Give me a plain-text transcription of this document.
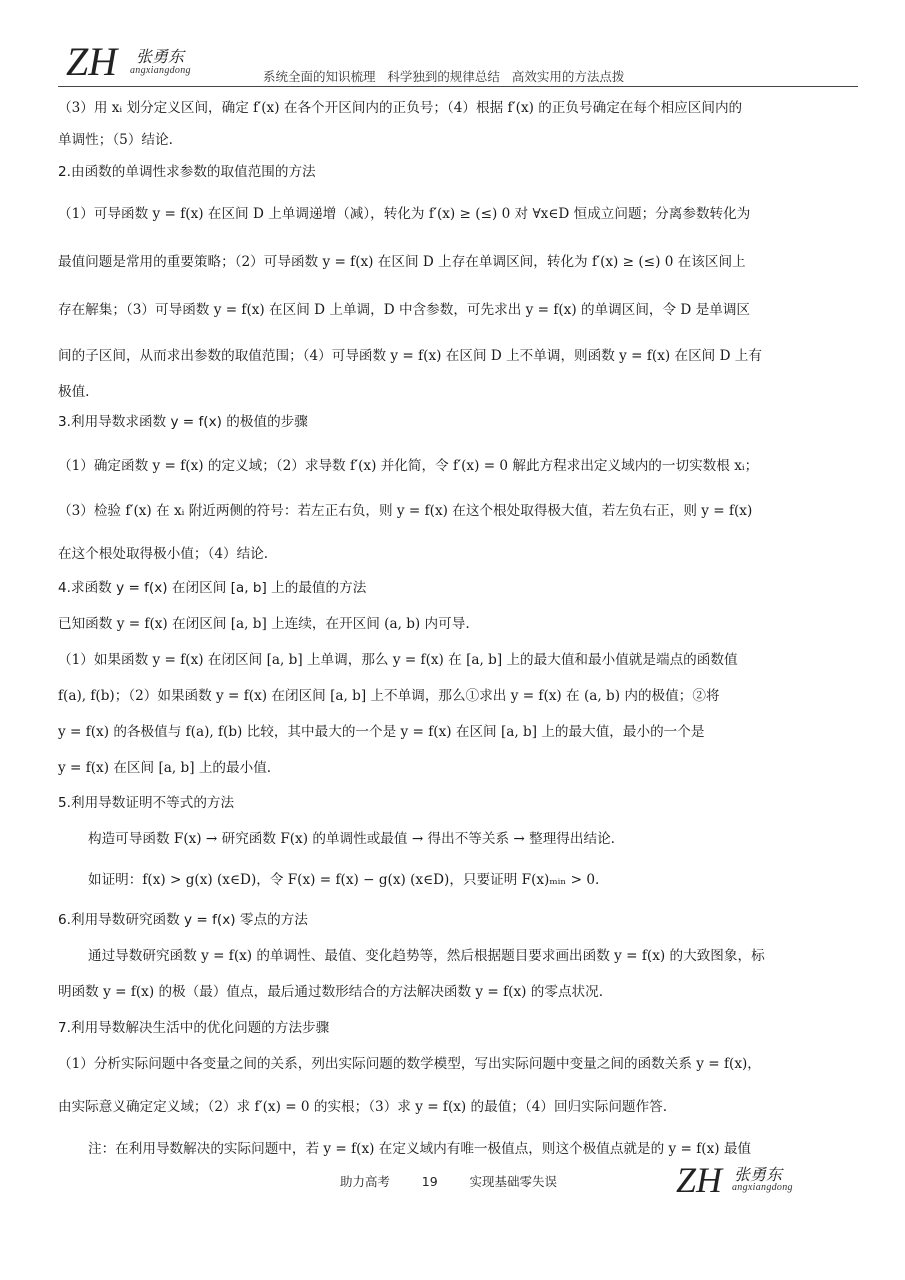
ZH 张勇东
angxiangdong	系统全面的知识梳理   科学独到的规律总结   高效实用的方法点拨
（3）用 xᵢ 划分定义区间，确定 f′(x) 在各个开区间内的正负号；（4）根据 f′(x) 的正负号确定在每个相应区间内的
单调性；（5）结论.
2.由函数的单调性求参数的取值范围的方法
（1）可导函数 y = f(x) 在区间 D 上单调递增（减），转化为 f′(x) ≥ (≤) 0 对 ∀x∈D 恒成立问题；分离参数转化为
最值问题是常用的重要策略；（2）可导函数 y = f(x) 在区间 D 上存在单调区间，转化为 f′(x) ≥ (≤) 0 在该区间上
存在解集；（3）可导函数 y = f(x) 在区间 D 上单调，D 中含参数，可先求出 y = f(x) 的单调区间，令 D 是单调区
间的子区间，从而求出参数的取值范围；（4）可导函数 y = f(x) 在区间 D 上不单调，则函数 y = f(x) 在区间 D 上有
极值.
3.利用导数求函数 y = f(x) 的极值的步骤
（1）确定函数 y = f(x) 的定义域；（2）求导数 f′(x) 并化简，令 f′(x) = 0 解此方程求出定义域内的一切实数根 xᵢ；
（3）检验 f′(x) 在 xᵢ 附近两侧的符号：若左正右负，则 y = f(x) 在这个根处取得极大值，若左负右正，则 y = f(x)
在这个根处取得极小值；（4）结论.
4.求函数 y = f(x) 在闭区间 [a, b] 上的最值的方法
已知函数 y = f(x) 在闭区间 [a, b] 上连续，在开区间 (a, b) 内可导.
（1）如果函数 y = f(x) 在闭区间 [a, b] 上单调，那么 y = f(x) 在 [a, b] 上的最大值和最小值就是端点的函数值
f(a), f(b)；（2）如果函数 y = f(x) 在闭区间 [a, b] 上不单调，那么①求出 y = f(x) 在 (a, b) 内的极值；②将
y = f(x) 的各极值与 f(a), f(b) 比较，其中最大的一个是 y = f(x) 在区间 [a, b] 上的最大值，最小的一个是
y = f(x) 在区间 [a, b] 上的最小值.
5.利用导数证明不等式的方法
构造可导函数 F(x) → 研究函数 F(x) 的单调性或最值 → 得出不等关系 → 整理得出结论.
如证明：f(x) > g(x) (x∈D)，令 F(x) = f(x) − g(x) (x∈D)，只要证明 F(x)ₘᵢₙ > 0.
6.利用导数研究函数 y = f(x) 零点的方法
通过导数研究函数 y = f(x) 的单调性、最值、变化趋势等，然后根据题目要求画出函数 y = f(x) 的大致图象，标
明函数 y = f(x) 的极（最）值点，最后通过数形结合的方法解决函数 y = f(x) 的零点状况.
7.利用导数解决生活中的优化问题的方法步骤
（1）分析实际问题中各变量之间的关系，列出实际问题的数学模型，写出实际问题中变量之间的函数关系 y = f(x)，
由实际意义确定定义域；（2）求 f′(x) = 0 的实根；（3）求 y = f(x) 的最值；（4）回归实际问题作答.
注：在利用导数解决的实际问题中，若 y = f(x) 在定义域内有唯一极值点，则这个极值点就是的 y = f(x) 最值
助力高考        19        实现基础零失误	ZH 张勇东
angxiangdong
